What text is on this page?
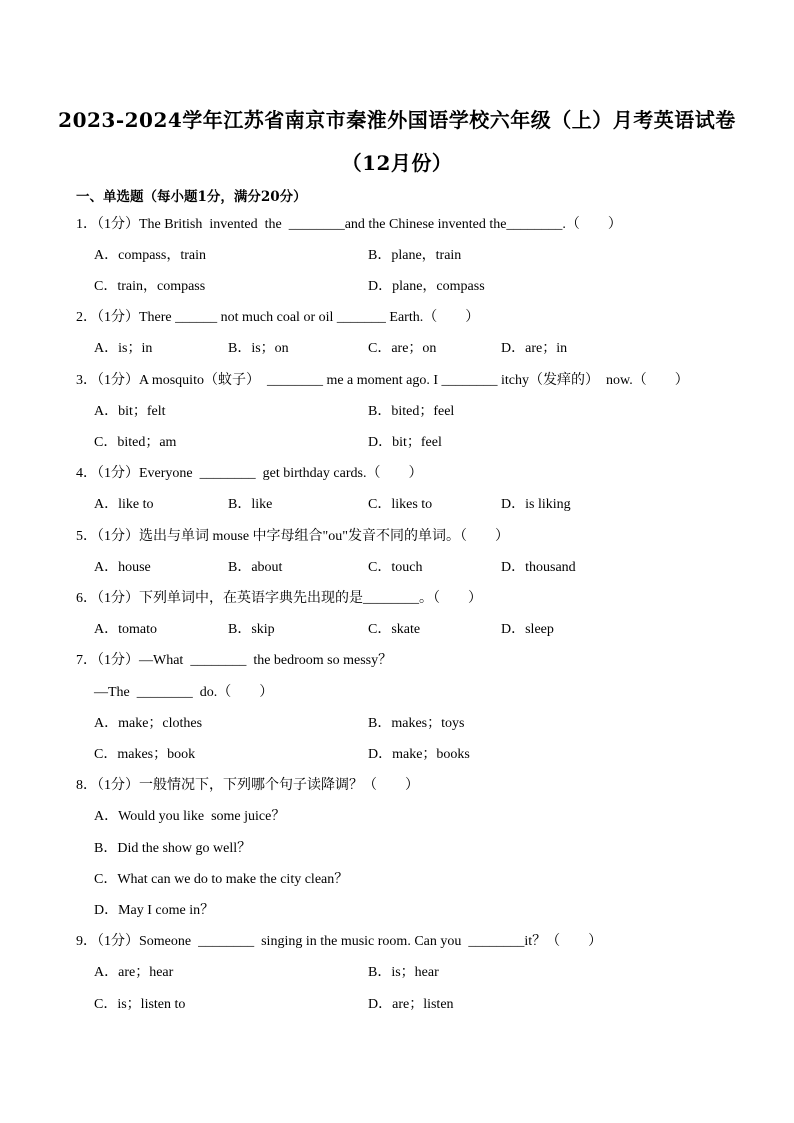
2023-2024学年江苏省南京市秦淮外国语学校六年级（上）月考英语试卷
（12月份）
一、单选题（每小题1分，满分20分）
1．（1分）The British  invented  the  ________and the Chinese invented the________.（　　）
A．compass，train	B．plane，train
C．train，compass	D．plane，compass
2．（1分）There ______ not much coal or oil _______ Earth.（　　）
A．is；in	B．is；on	C．are；on	D．are；in
3．（1分）A mosquito（蚊子）  ________ me a moment ago. I ________ itchy（发痒的）  now.（　　）
A．bit；felt	B．bited；feel
C．bited；am	D．bit；feel
4．（1分）Everyone  ________  get birthday cards.（　　）
A．like to	B．like	C．likes to	D．is liking
5．（1分）选出与单词 mouse 中字母组合"ou"发音不同的单词。（　　）
A．house	B．about	C．touch	D．thousand
6．（1分）下列单词中，在英语字典先出现的是________。（　　）
A．tomato	B．skip	C．skate	D．sleep
7．（1分）—What  ________  the bedroom so messy？
—The  ________  do.（　　）
A．make；clothes	B．makes；toys
C．makes；book	D．make；books
8．（1分）一般情况下，下列哪个句子读降调？（　　）
A．Would you like  some juice？
B．Did the show go well？
C．What can we do to make the city clean？
D．May I come in？
9．（1分）Someone  ________  singing in the music room. Can you  ________it？（　　）
A．are；hear	B．is；hear
C．is；listen to	D．are；listen
